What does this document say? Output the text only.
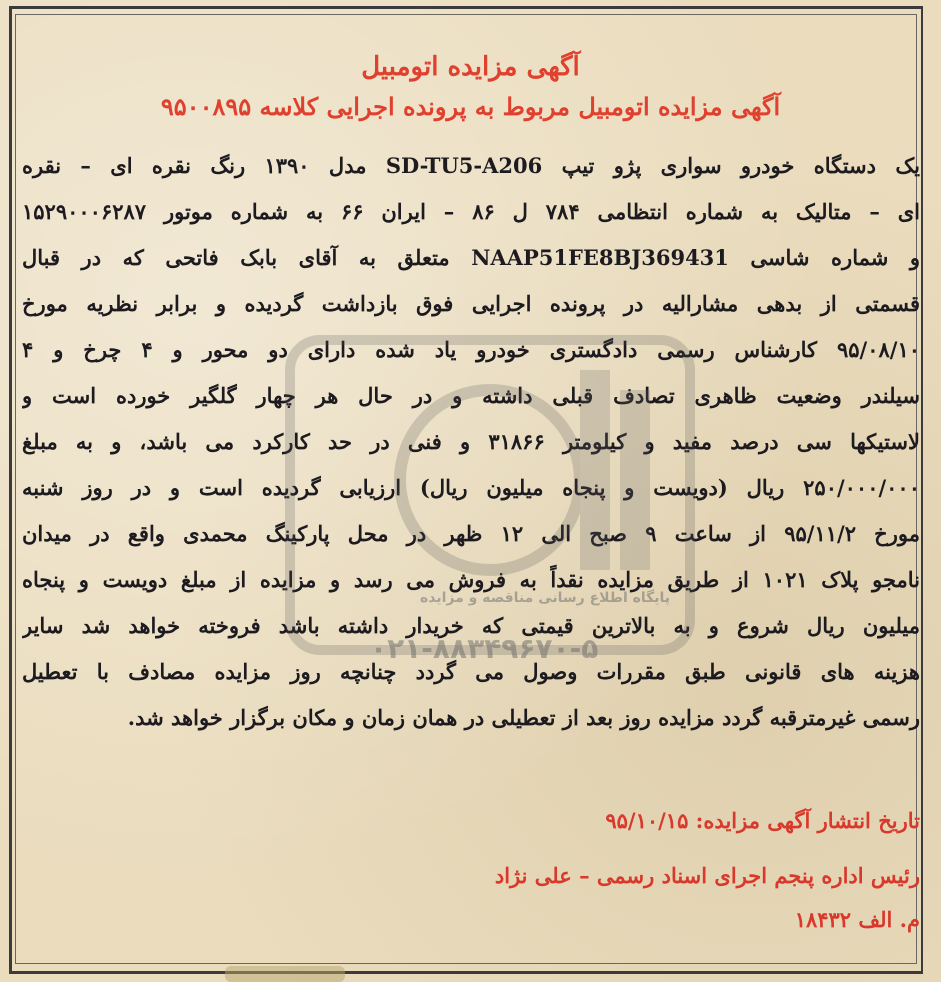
آگهی مزایده اتومبیل
آگهی مزایده اتومبیل مربوط به پرونده اجرایی کلاسه ۹۵۰۰۸۹۵
یک دستگاه خودرو سواری پژو تیپ SD-TU5-A206 مدل ۱۳۹۰ رنگ نقره ای – نقره
ای – متالیک به شماره انتظامی ۷۸۴ ل ۸۶ – ایران ۶۶ به شماره موتور ۱۵۲۹۰۰۰۶۲۸۷
و شماره شاسی NAAP51FE8BJ369431 متعلق به آقای بابک فاتحی که در قبال
قسمتی از بدهی مشارالیه در پرونده اجرایی فوق بازداشت گردیده و برابر نظریه مورخ
۹۵/۰۸/۱۰ کارشناس رسمی دادگستری خودرو یاد شده دارای دو محور و ۴ چرخ و ۴
سیلندر وضعیت ظاهری تصادف قبلی داشته و در حال هر چهار گلگیر خورده است و
لاستیکها سی درصد مفید و کیلومتر ۳۱۸۶۶ و فنی در حد کارکرد می باشد، و به مبلغ
۲۵۰/۰۰۰/۰۰۰ ریال (دویست و پنجاه میلیون ریال) ارزیابی گردیده است و در روز شنبه
مورخ ۹۵/۱۱/۲ از ساعت ۹ صبح الی ۱۲ ظهر در محل پارکینگ محمدی واقع در میدان
نامجو پلاک ۱۰۲۱ از طریق مزایده نقداً به فروش می رسد و مزایده از مبلغ دویست و پنجاه
میلیون ریال شروع و به بالاترین قیمتی که خریدار داشته باشد فروخته خواهد شد سایر
هزینه های قانونی طبق مقررات وصول می گردد چنانچه روز مزایده مصادف با تعطیل
رسمی غیرمترقبه گردد مزایده روز بعد از تعطیلی در همان زمان و مکان برگزار خواهد شد.
تاریخ انتشار آگهی مزایده: ۹۵/۱۰/۱۵
رئیس اداره پنجم اجرای اسناد رسمی – علی نژاد
م. الف ۱۸۴۳۲
پایگاه اطلاع رسانی مناقصه و مزایده
۰۲۱-۸۸۳۴۹۶۷۰-۵
